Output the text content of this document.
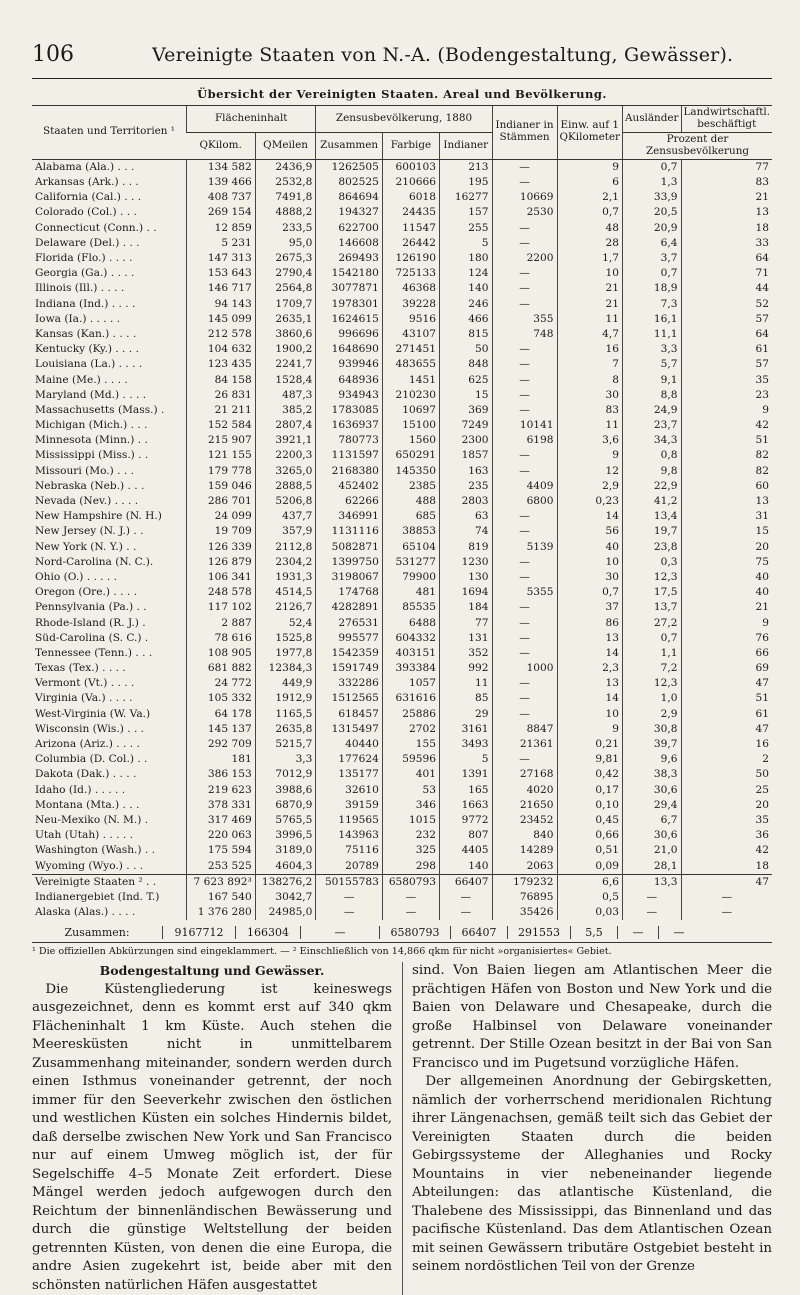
106	Vereinigte Staaten von N.-A. (Bodengestaltung, Gewässer).
Übersicht der Vereinigten Staaten. Areal und Bevölkerung.
Staaten und Territorien ¹	Flächeninhalt		Zensusbevölkerung, 1880			Indianer in Stämmen	Einw. auf 1 QKilometer	Ausländer	Landwirtschaftl. beschäftigt
	QKilom.	QMeilen	Zusammen	Farbige	Indianer			Prozent der Zensusbevölkerung	
Alabama (Ala.) . . .	134 582	2436,9	1262505	600103	213	—	9	0,7	77
Arkansas (Ark.) . . .	139 466	2532,8	802525	210666	195	—	6	1,3	83
California (Cal.) . . .	408 737	7491,8	864694	6018	16277	10669	2,1	33,9	21
Colorado (Col.) . . .	269 154	4888,2	194327	24435	157	2530	0,7	20,5	13
Connecticut (Conn.) . .	12 859	233,5	622700	11547	255	—	48	20,9	18
Delaware (Del.) . . .	5 231	95,0	146608	26442	5	—	28	6,4	33
Florida (Flo.) . . . .	147 313	2675,3	269493	126190	180	2200	1,7	3,7	64
Georgia (Ga.) . . . .	153 643	2790,4	1542180	725133	124	—	10	0,7	71
Illinois (Ill.) . . . .	146 717	2564,8	3077871	46368	140	—	21	18,9	44
Indiana (Ind.) . . . .	94 143	1709,7	1978301	39228	246	—	21	7,3	52
Iowa (Ia.) . . . . .	145 099	2635,1	1624615	9516	466	355	11	16,1	57
Kansas (Kan.) . . . .	212 578	3860,6	996696	43107	815	748	4,7	11,1	64
Kentucky (Ky.) . . . .	104 632	1900,2	1648690	271451	50	—	16	3,3	61
Louisiana (La.) . . . .	123 435	2241,7	939946	483655	848	—	7	5,7	57
Maine (Me.) . . . .	84 158	1528,4	648936	1451	625	—	8	9,1	35
Maryland (Md.) . . . .	26 831	487,3	934943	210230	15	—	30	8,8	23
Massachusetts (Mass.) .	21 211	385,2	1783085	10697	369	—	83	24,9	9
Michigan (Mich.) . . .	152 584	2807,4	1636937	15100	7249	10141	11	23,7	42
Minnesota (Minn.) . .	215 907	3921,1	780773	1560	2300	6198	3,6	34,3	51
Mississippi (Miss.) . .	121 155	2200,3	1131597	650291	1857	—	9	0,8	82
Missouri (Mo.) . . .	179 778	3265,0	2168380	145350	163	—	12	9,8	82
Nebraska (Neb.) . . .	159 046	2888,5	452402	2385	235	4409	2,9	22,9	60
Nevada (Nev.) . . . .	286 701	5206,8	62266	488	2803	6800	0,23	41,2	13
New Hampshire (N. H.)	24 099	437,7	346991	685	63	—	14	13,4	31
New Jersey (N. J.) . .	19 709	357,9	1131116	38853	74	—	56	19,7	15
New York (N. Y.) . .	126 339	2112,8	5082871	65104	819	5139	40	23,8	20
Nord-Carolina (N. C.).	126 879	2304,2	1399750	531277	1230	—	10	0,3	75
Ohio (O.) . . . . .	106 341	1931,3	3198067	79900	130	—	30	12,3	40
Oregon (Ore.) . . . .	248 578	4514,5	174768	481	1694	5355	0,7	17,5	40
Pennsylvania (Pa.) . .	117 102	2126,7	4282891	85535	184	—	37	13,7	21
Rhode-Island (R. J.) .	2 887	52,4	276531	6488	77	—	86	27,2	9
Süd-Carolina (S. C.) .	78 616	1525,8	995577	604332	131	—	13	0,7	76
Tennessee (Tenn.) . . .	108 905	1977,8	1542359	403151	352	—	14	1,1	66
Texas (Tex.) . . . .	681 882	12384,3	1591749	393384	992	1000	2,3	7,2	69
Vermont (Vt.) . . . .	24 772	449,9	332286	1057	11	—	13	12,3	47
Virginia (Va.) . . . .	105 332	1912,9	1512565	631616	85	—	14	1,0	51
West-Virginia (W. Va.)	64 178	1165,5	618457	25886	29	—	10	2,9	61
Wisconsin (Wis.) . . .	145 137	2635,8	1315497	2702	3161	8847	9	30,8	47
Arizona (Ariz.) . . . .	292 709	5215,7	40440	155	3493	21361	0,21	39,7	16
Columbia (D. Col.) . .	181	3,3	177624	59596	5	—	9,81	9,6	2
Dakota (Dak.) . . . .	386 153	7012,9	135177	401	1391	27168	0,42	38,3	50
Idaho (Id.) . . . . .	219 623	3988,6	32610	53	165	4020	0,17	30,6	25
Montana (Mta.) . . .	378 331	6870,9	39159	346	1663	21650	0,10	29,4	20
Neu-Mexiko (N. M.) .	317 469	5765,5	119565	1015	9772	23452	0,45	6,7	35
Utah (Utah) . . . . .	220 063	3996,5	143963	232	807	840	0,66	30,6	36
Washington (Wash.) . .	175 594	3189,0	75116	325	4405	14289	0,51	21,0	42
Wyoming (Wyo.) . . .	253 525	4604,3	20789	298	140	2063	0,09	28,1	18
Vereinigte Staaten ² . .	7 623 892³	138276,2	50155783	6580793	66407	179232	6,6	13,3	47
Indianergebiet (Ind. T.)	167 540	3042,7	—	—	—	76895	0,5	—	—
Alaska (Alas.) . . . .	1 376 280	24985,0	—	—	—	35426	0,03	—	—
Zusammen:	9167712	166304	—	6580793	66407	291553	5,5	—	—
¹ Die offiziellen Abkürzungen sind eingeklammert. — ² Einschließlich von 14,866 qkm für nicht »organisiertes« Gebiet.
Bodengestaltung und Gewässer.

Die Küstengliederung ist keineswegs ausgezeichnet, denn es kommt erst auf 340 qkm Flächeninhalt 1 km Küste. Auch stehen die Meeresküsten nicht in unmittelbarem Zusammenhang miteinander, sondern werden durch einen Isthmus voneinander getrennt, der noch immer für den Seeverkehr zwischen den östlichen und westlichen Küsten ein solches Hindernis bildet, daß derselbe zwischen New York und San Francisco nur auf einem Umweg möglich ist, der für Segelschiffe 4–5 Monate Zeit erfordert. Diese Mängel werden jedoch aufgewogen durch den Reichtum der binnenländischen Bewässerung und durch die günstige Weltstellung der beiden getrennten Küsten, von denen die eine Europa, die andre Asien zugekehrt ist, beide aber mit den schönsten natürlichen Häfen ausgestattet

sind. Von Baien liegen am Atlantischen Meer die prächtigen Häfen von Boston und New York und die Baien von Delaware und Chesapeake, durch die große Halbinsel von Delaware voneinander getrennt. Der Stille Ozean besitzt in der Bai von San Francisco und im Pugetsund vorzügliche Häfen.

Der allgemeinen Anordnung der Gebirgsketten, nämlich der vorherrschend meridionalen Richtung ihrer Längenachsen, gemäß teilt sich das Gebiet der Vereinigten Staaten durch die beiden Gebirgssysteme der Alleghanies und Rocky Mountains in vier nebeneinander liegende Abteilungen: das atlantische Küstenland, die Thalebene des Mississippi, das Binnenland und das pacifische Küstenland. Das dem Atlantischen Ozean mit seinen Gewässern tributäre Ostgebiet besteht in seinem nordöstlichen Teil von der Grenze
